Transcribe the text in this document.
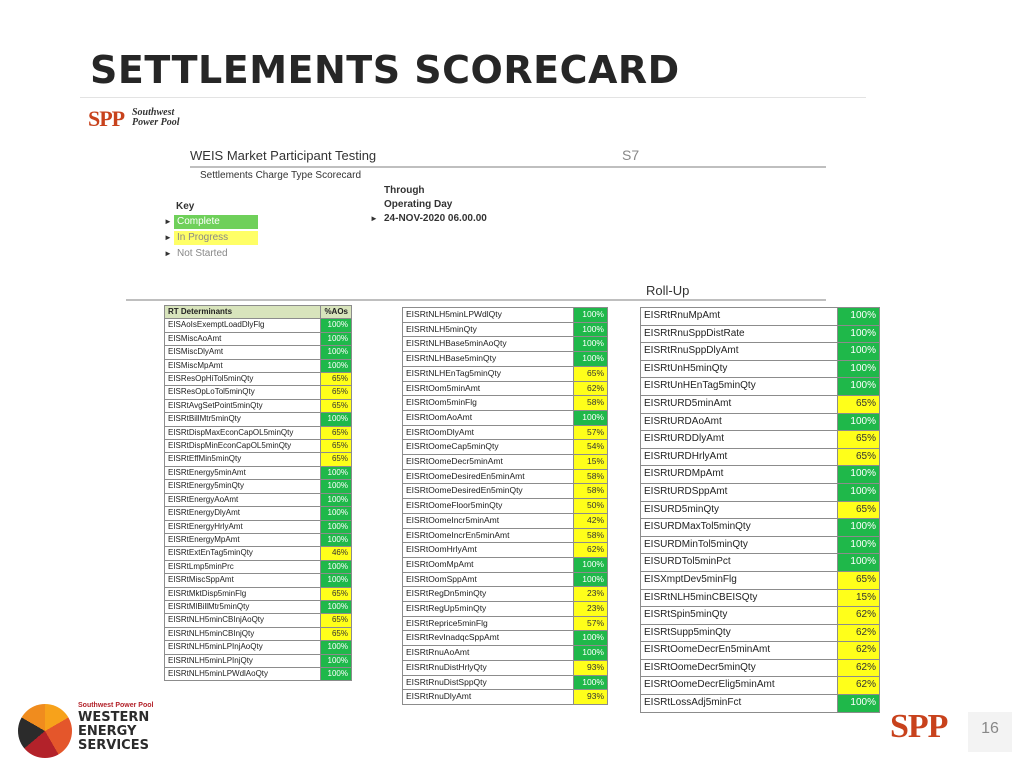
SETTLEMENTS SCORECARD
SPP Southwest
Power Pool
WEIS Market Participant Testing	S7
Settlements Charge Type Scorecard
Key
► Complete
► In Progress
► Not Started
Through
Operating Day
► 24-NOV-2020 06.00.00
Roll-Up
RT Determinants	%AOs
EISAoIsExemptLoadDlyFlg	100%
EISMiscAoAmt	100%
EISMiscDlyAmt	100%
EISMiscMpAmt	100%
EISResOpHiTol5minQty	65%
EISResOpLoTol5minQty	65%
EISRtAvgSetPoint5minQty	65%
EISRtBillMtr5minQty	100%
EISRtDispMaxEconCapOL5minQty	65%
EISRtDispMinEconCapOL5minQty	65%
EISRtEffMin5minQty	65%
EISRtEnergy5minAmt	100%
EISRtEnergy5minQty	100%
EISRtEnergyAoAmt	100%
EISRtEnergyDlyAmt	100%
EISRtEnergyHrlyAmt	100%
EISRtEnergyMpAmt	100%
EISRtExtEnTag5minQty	46%
EISRtLmp5minPrc	100%
EISRtMiscSppAmt	100%
EISRtMktDisp5minFlg	65%
EISRtMlBillMtr5minQty	100%
EISRtNLH5minCBInjAoQty	65%
EISRtNLH5minCBInjQty	65%
EISRtNLH5minLPInjAoQty	100%
EISRtNLH5minLPInjQty	100%
EISRtNLH5minLPWdlAoQty	100%
EISRtNLH5minLPWdlQty	100%
EISRtNLH5minQty	100%
EISRtNLHBase5minAoQty	100%
EISRtNLHBase5minQty	100%
EISRtNLHEnTag5minQty	65%
EISRtOom5minAmt	62%
EISRtOom5minFlg	58%
EISRtOomAoAmt	100%
EISRtOomDlyAmt	57%
EISRtOomeCap5minQty	54%
EISRtOomeDecr5minAmt	15%
EISRtOomeDesiredEn5minAmt	58%
EISRtOomeDesiredEn5minQty	58%
EISRtOomeFloor5minQty	50%
EISRtOomeIncr5minAmt	42%
EISRtOomeIncrEn5minAmt	58%
EISRtOomHrlyAmt	62%
EISRtOomMpAmt	100%
EISRtOomSppAmt	100%
EISRtRegDn5minQty	23%
EISRtRegUp5minQty	23%
EISRtReprice5minFlg	57%
EISRtRevInadqcSppAmt	100%
EISRtRnuAoAmt	100%
EISRtRnuDistHrlyQty	93%
EISRtRnuDistSppQty	100%
EISRtRnuDlyAmt	93%
EISRtRnuMpAmt	100%
EISRtRnuSppDistRate	100%
EISRtRnuSppDlyAmt	100%
EISRtUnH5minQty	100%
EISRtUnHEnTag5minQty	100%
EISRtURD5minAmt	65%
EISRtURDAoAmt	100%
EISRtURDDlyAmt	65%
EISRtURDHrlyAmt	65%
EISRtURDMpAmt	100%
EISRtURDSppAmt	100%
EISURD5minQty	65%
EISURDMaxTol5minQty	100%
EISURDMinTol5minQty	100%
EISURDTol5minPct	100%
EISXmptDev5minFlg	65%
EISRtNLH5minCBEISQty	15%
EISRtSpin5minQty	62%
EISRtSupp5minQty	62%
EISRtOomeDecrEn5minAmt	62%
EISRtOomeDecr5minQty	62%
EISRtOomeDecrElig5minAmt	62%
EISRtLossAdj5minFct	100%
Southwest Power Pool
WESTERN
ENERGY
SERVICES
SPP	16
